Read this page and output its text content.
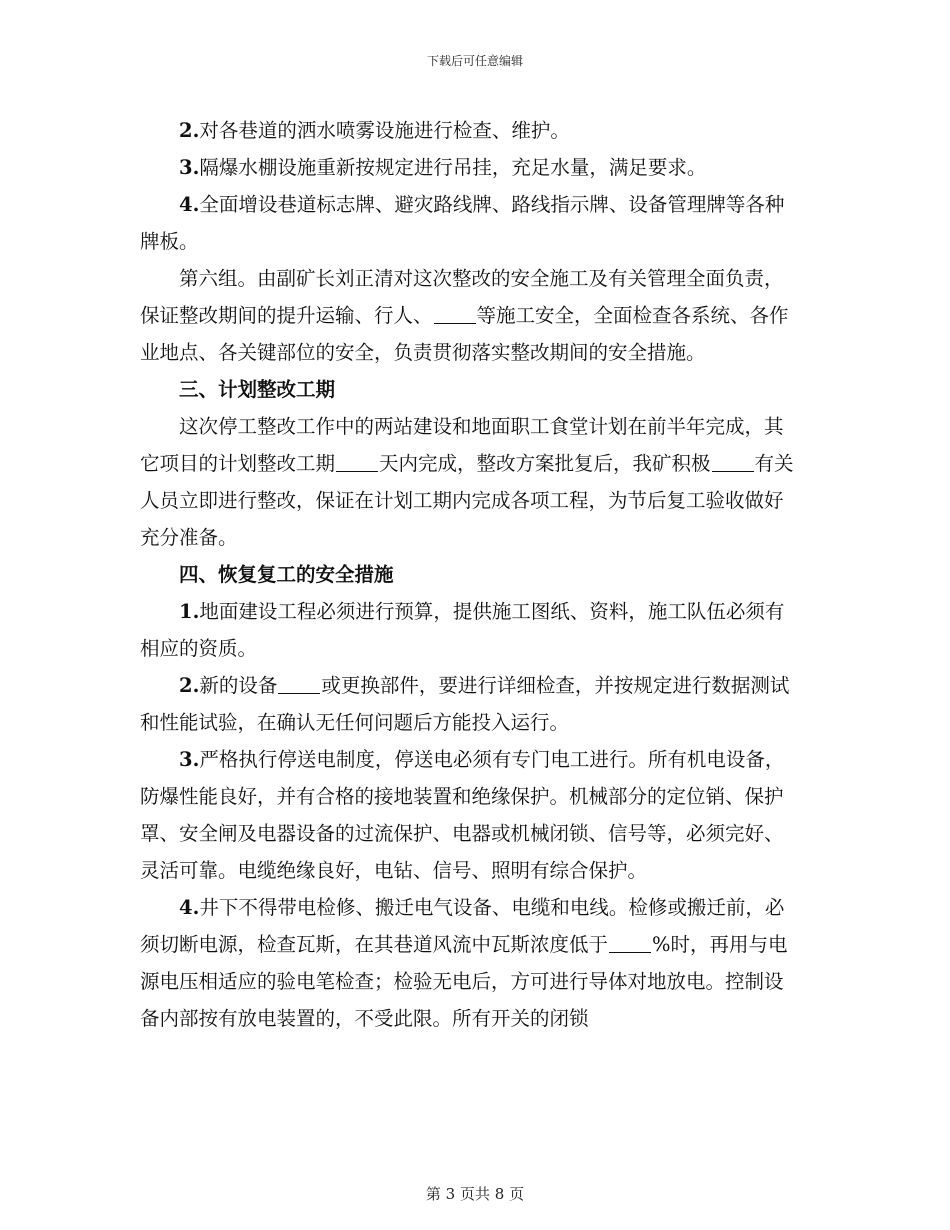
下载后可任意编辑

2.对各巷道的洒水喷雾设施进行检查、维护。

3.隔爆水棚设施重新按规定进行吊挂，充足水量，满足要求。

4.全面增设巷道标志牌、避灾路线牌、路线指示牌、设备管理牌等各种牌板。

第六组。由副矿长刘正清对这次整改的安全施工及有关管理全面负责，保证整改期间的提升运输、行人、 等施工安全，全面检查各系统、各作业地点、各关键部位的安全，负责贯彻落实整改期间的安全措施。

三、计划整改工期

这次停工整改工作中的两站建设和地面职工食堂计划在前半年完成，其它项目的计划整改工期 天内完成，整改方案批复后，我矿积极 有关人员立即进行整改，保证在计划工期内完成各项工程，为节后复工验收做好充分准备。

四、恢复复工的安全措施

1.地面建设工程必须进行预算，提供施工图纸、资料，施工队伍必须有相应的资质。

2.新的设备 或更换部件，要进行详细检查，并按规定进行数据测试和性能试验，在确认无任何问题后方能投入运行。

3.严格执行停送电制度，停送电必须有专门电工进行。所有机电设备，防爆性能良好，并有合格的接地装置和绝缘保护。机械部分的定位销、保护罩、安全闸及电器设备的过流保护、电器或机械闭锁、信号等，必须完好、灵活可靠。电缆绝缘良好，电钻、信号、照明有综合保护。

4.井下不得带电检修、搬迁电气设备、电缆和电线。检修或搬迁前，必须切断电源，检查瓦斯，在其巷道风流中瓦斯浓度低于 %时，再用与电源电压相适应的验电笔检查；检验无电后，方可进行导体对地放电。控制设备内部按有放电装置的，不受此限。所有开关的闭锁

第 3 页共 8 页
